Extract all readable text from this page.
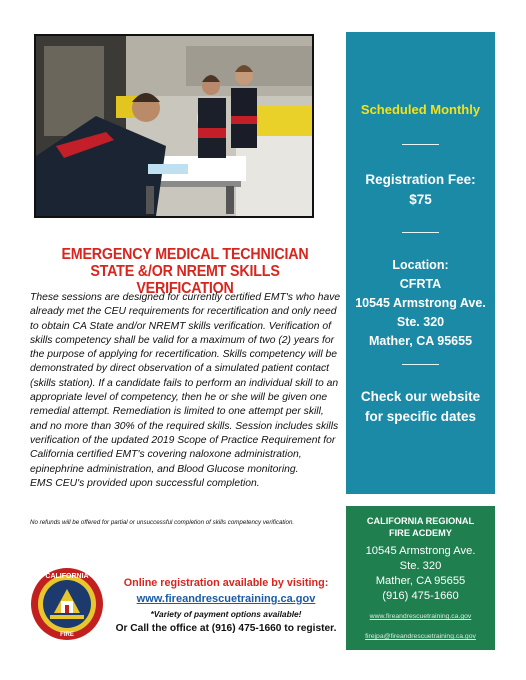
EMERGENCY MEDICAL TECHNICIAN
STATE &/OR NREMT SKILLS VERIFICATION
These sessions are designed for currently certified EMT's who have already met the CEU requirements for recertification and only need to obtain CA State and/or NREMT skills verification. Verification of skills competency shall be valid for a maximum of two (2) years for the purpose of applying for recertification. Skills competency will be demonstrated by direct observation of a simulated patient contact (skills station). If a candidate fails to perform an individual skill to an appropriate level of competency, then he or she will be given one remedial attempt. Remediation is limited to one attempt per skill, and no more than 30% of the required skills. Session includes skills verification of the updated 2019 Scope of Practice Requirement for California certified EMT's covering naloxone administration, epinephrine administration, and Blood Glucose monitoring.
EMS CEU's provided upon successful completion.
No refunds will be offered for partial or unsuccessful completion of skills competency verification.
Scheduled Monthly
Registration Fee:
$75
Location:
CFRTA
10545 Armstrong Ave.
Ste. 320
Mather, CA 95655
Check our website
for specific dates
CALIFORNIA REGIONAL
FIRE ACDEMY
10545 Armstrong Ave.
Ste. 320
Mather, CA 95655
(916) 475-1660
www.fireandrescuetraining.ca.gov
firejpa@fireandrescuetraining.ca.gov
CALIFORNIA
FIRE
Online registration available by visiting:
www.fireandrescuetraining.ca.gov
*Variety of payment options available!
Or Call the office at (916) 475-1660 to register.
